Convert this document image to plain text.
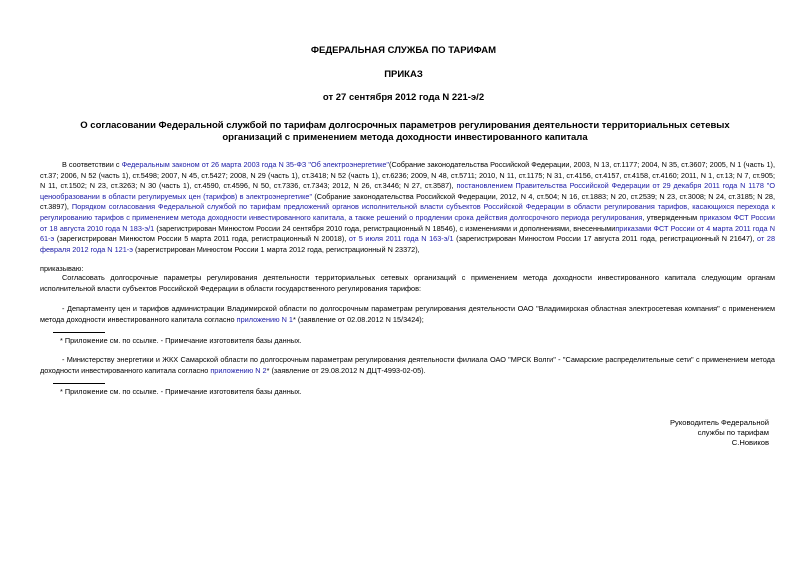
ФЕДЕРАЛЬНАЯ СЛУЖБА ПО ТАРИФАМ
ПРИКАЗ
от 27 сентября 2012 года N 221-э/2
О согласовании Федеральной службой по тарифам долгосрочных параметров регулирования деятельности территориальных сетевых организаций с применением метода доходности инвестированного капитала
В соответствии с Федеральным законом от 26 марта 2003 года N 35-ФЗ "Об электроэнергетике"(Собрание законодательства Российской Федерации, 2003, N 13, ст.1177; 2004, N 35, ст.3607; 2005, N 1 (часть 1), ст.37; 2006, N 52 (часть 1), ст.5498; 2007, N 45, ст.5427; 2008, N 29 (часть 1), ст.3418; N 52 (часть 1), ст.6236; 2009, N 48, ст.5711; 2010, N 11, ст.1175; N 31, ст.4156, ст.4157, ст.4158, ст.4160; 2011, N 1, ст.13; N 7, ст.905; N 11, ст.1502; N 23, ст.3263; N 30 (часть 1), ст.4590, ст.4596, N 50, ст.7336, ст.7343; 2012, N 26, ст.3446; N 27, ст.3587), постановлением Правительства Российской Федерации от 29 декабря 2011 года N 1178 "О ценообразовании в области регулируемых цен (тарифов) в электроэнергетике" (Собрание законодательства Российской Федерации, 2012, N 4, ст.504; N 16, ст.1883; N 20, ст.2539; N 23, ст.3008; N 24, ст.3185; N 28, ст.3897), Порядком согласования Федеральной службой по тарифам предложений органов исполнительной власти субъектов Российской Федерации в области регулирования тарифов, касающихся перехода к регулированию тарифов с применением метода доходности инвестированного капитала, а также решений о продлении срока действия долгосрочного периода регулирования, утвержденным приказом ФСТ России от 18 августа 2010 года N 183-э/1 (зарегистрирован Минюстом России 24 сентября 2010 года, регистрационный N 18546), с изменениями и дополнениями, внесеннымиприказами ФСТ России от 4 марта 2011 года N 61-э (зарегистрирован Минюстом России 5 марта 2011 года, регистрационный N 20018), от 5 июля 2011 года N 163-э/1 (зарегистрирован Минюстом России 17 августа 2011 года, регистрационный N 21647), от 28 февраля 2012 года N 121-э (зарегистрирован Минюстом России 1 марта 2012 года, регистрационный N 23372),
приказываю:
Согласовать долгосрочные параметры регулирования деятельности территориальных сетевых организаций с применением метода доходности инвестированного капитала следующим органам исполнительной власти субъектов Российской Федерации в области государственного регулирования тарифов:
- Департаменту цен и тарифов администрации Владимирской области по долгосрочным параметрам регулирования деятельности ОАО "Владимирская областная электросетевая компания" с применением метода доходности инвестированного капитала согласно приложению N 1* (заявление от 02.08.2012 N 15/3424);
* Приложение см. по ссылке. - Примечание изготовителя базы данных.
- Министерству энергетики и ЖКХ Самарской области по долгосрочным параметрам регулирования деятельности филиала ОАО "МРСК Волги" - "Самарские распределительные сети" с применением метода доходности инвестированного капитала согласно приложению N 2* (заявление от 29.08.2012 N ДЦТ-4993-02-05).
* Приложение см. по ссылке. - Примечание изготовителя базы данных.
Руководитель Федеральной
службы по тарифам
С.Новиков
